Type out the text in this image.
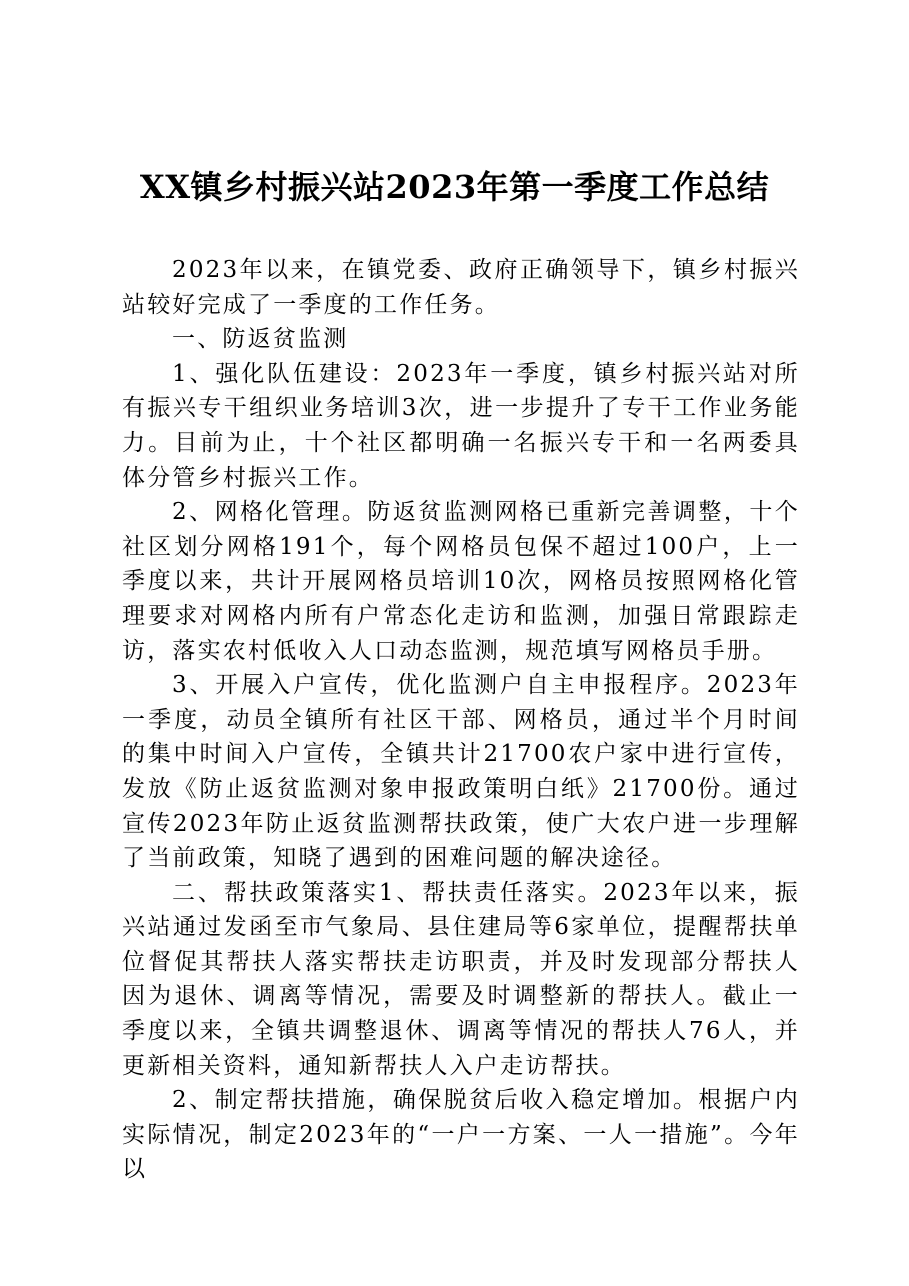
XX镇乡村振兴站2023年第一季度工作总结

2023年以来，在镇党委、政府正确领导下，镇乡村振兴站较好完成了一季度的工作任务。

一、防返贫监测

1、强化队伍建设：2023年一季度，镇乡村振兴站对所有振兴专干组织业务培训3次，进一步提升了专干工作业务能力。目前为止，十个社区都明确一名振兴专干和一名两委具体分管乡村振兴工作。

2、网格化管理。防返贫监测网格已重新完善调整，十个社区划分网格191个，每个网格员包保不超过100户，上一季度以来，共计开展网格员培训10次，网格员按照网格化管理要求对网格内所有户常态化走访和监测，加强日常跟踪走访，落实农村低收入人口动态监测，规范填写网格员手册。

3、开展入户宣传，优化监测户自主申报程序。2023年一季度，动员全镇所有社区干部、网格员，通过半个月时间的集中时间入户宣传，全镇共计21700农户家中进行宣传，发放《防止返贫监测对象申报政策明白纸》21700份。通过宣传2023年防止返贫监测帮扶政策，使广大农户进一步理解了当前政策，知晓了遇到的困难问题的解决途径。

二、帮扶政策落实1、帮扶责任落实。2023年以来，振兴站通过发函至市气象局、县住建局等6家单位，提醒帮扶单位督促其帮扶人落实帮扶走访职责，并及时发现部分帮扶人因为退休、调离等情况，需要及时调整新的帮扶人。截止一季度以来，全镇共调整退休、调离等情况的帮扶人76人，并更新相关资料，通知新帮扶人入户走访帮扶。

2、制定帮扶措施，确保脱贫后收入稳定增加。根据户内实际情况，制定2023年的“一户一方案、一人一措施”。今年以
